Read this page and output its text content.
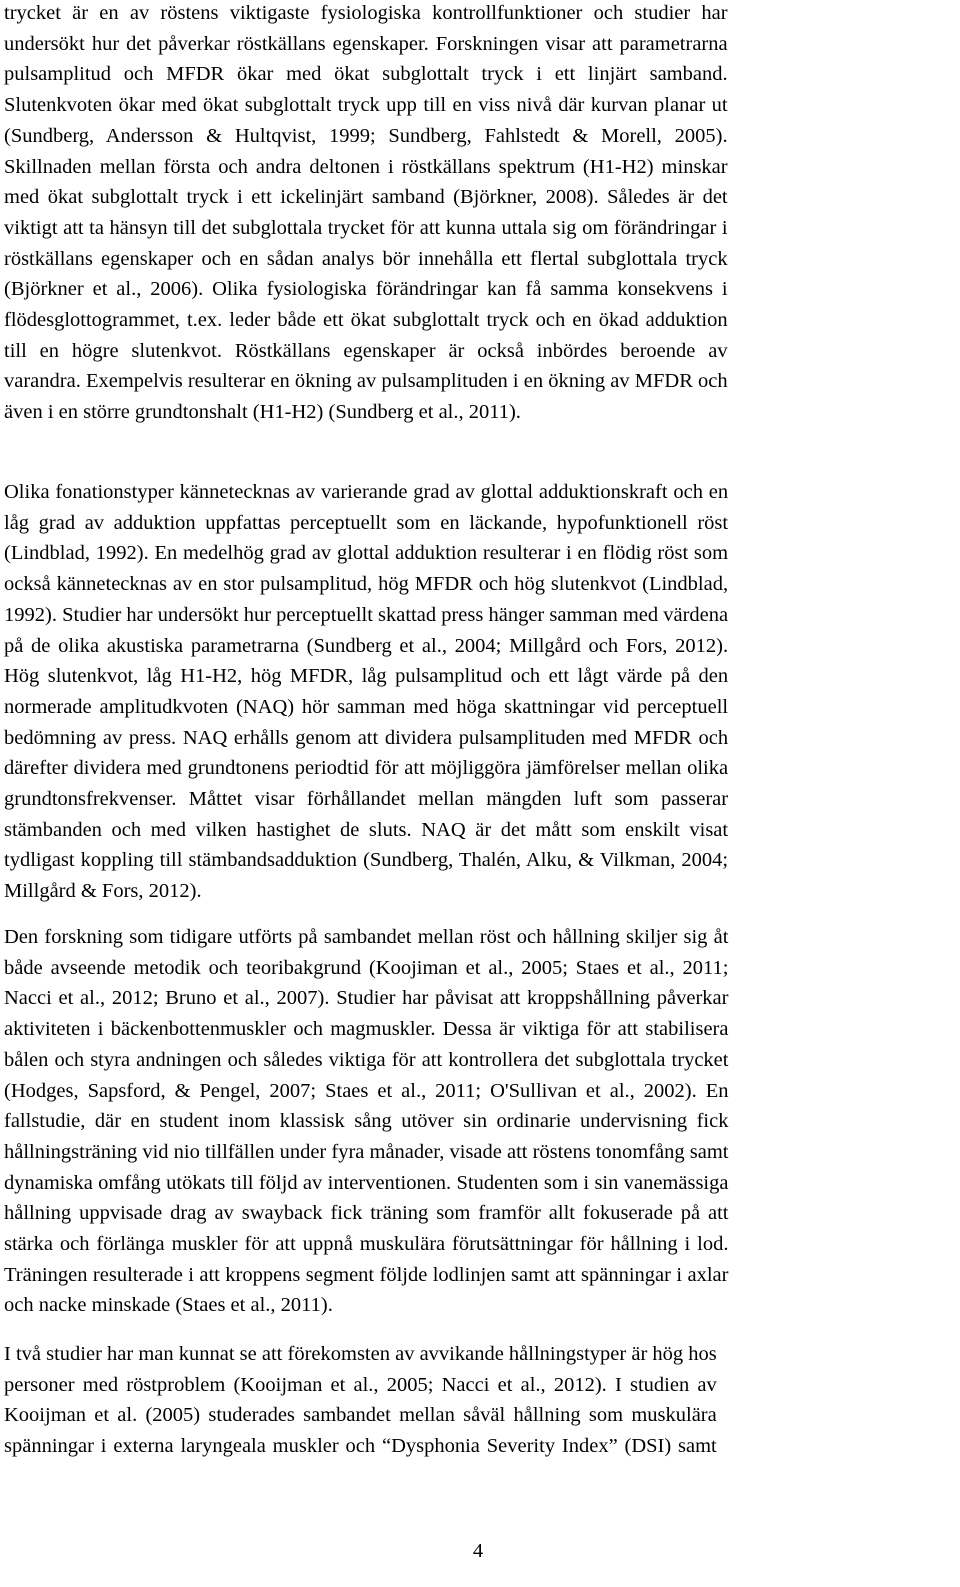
trycket är en av röstens viktigaste fysiologiska kontrollfunktioner och studier har
undersökt hur det påverkar röstkällans egenskaper. Forskningen visar att parametrarna
pulsamplitud och MFDR ökar med ökat subglottalt tryck i ett linjärt samband.
Slutenkvoten ökar med ökat subglottalt tryck upp till en viss nivå där kurvan planar ut
(Sundberg, Andersson & Hultqvist, 1999; Sundberg, Fahlstedt & Morell, 2005).
Skillnaden mellan första och andra deltonen i röstkällans spektrum (H1-H2) minskar
med ökat subglottalt tryck i ett ickelinjärt samband (Björkner, 2008). Således är det
viktigt att ta hänsyn till det subglottala trycket för att kunna uttala sig om förändringar i
röstkällans egenskaper och en sådan analys bör innehålla ett flertal subglottala tryck
(Björkner et al., 2006). Olika fysiologiska förändringar kan få samma konsekvens i
flödesglottogrammet, t.ex. leder både ett ökat subglottalt tryck och en ökad adduktion
till en högre slutenkvot. Röstkällans egenskaper är också inbördes beroende av
varandra. Exempelvis resulterar en ökning av pulsamplituden i en ökning av MFDR och
även i en större grundtonshalt (H1-H2) (Sundberg et al., 2011).

Olika fonationstyper kännetecknas av varierande grad av glottal adduktionskraft och en
låg grad av adduktion uppfattas perceptuellt som en läckande, hypofunktionell röst
(Lindblad, 1992). En medelhög grad av glottal adduktion resulterar i en flödig röst som
också kännetecknas av en stor pulsamplitud, hög MFDR och hög slutenkvot (Lindblad,
1992). Studier har undersökt hur perceptuellt skattad press hänger samman med värdena
på de olika akustiska parametrarna (Sundberg et al., 2004; Millgård och Fors, 2012).
Hög slutenkvot, låg H1-H2, hög MFDR, låg pulsamplitud och ett lågt värde på den
normerade amplitudkvoten (NAQ) hör samman med höga skattningar vid perceptuell
bedömning av press. NAQ erhålls genom att dividera pulsamplituden med MFDR och
därefter dividera med grundtonens periodtid för att möjliggöra jämförelser mellan olika
grundtonsfrekvenser. Måttet visar förhållandet mellan mängden luft som passerar
stämbanden och med vilken hastighet de sluts. NAQ är det mått som enskilt visat
tydligast koppling till stämbandsadduktion (Sundberg, Thalén, Alku, & Vilkman, 2004;
Millgård & Fors, 2012).

Den forskning som tidigare utförts på sambandet mellan röst och hållning skiljer sig åt
både avseende metodik och teoribakgrund (Koojiman et al., 2005; Staes et al., 2011;
Nacci et al., 2012; Bruno et al., 2007). Studier har påvisat att kroppshållning påverkar
aktiviteten i bäckenbottenmuskler och magmuskler. Dessa är viktiga för att stabilisera
bålen och styra andningen och således viktiga för att kontrollera det subglottala trycket
(Hodges, Sapsford, & Pengel, 2007; Staes et al., 2011; O'Sullivan et al., 2002). En
fallstudie, där en student inom klassisk sång utöver sin ordinarie undervisning fick
hållningsträning vid nio tillfällen under fyra månader, visade att röstens tonomfång samt
dynamiska omfång utökats till följd av interventionen. Studenten som i sin vanemässiga
hållning uppvisade drag av swayback fick träning som framför allt fokuserade på att
stärka och förlänga muskler för att uppnå muskulära förutsättningar för hållning i lod.
Träningen resulterade i att kroppens segment följde lodlinjen samt att spänningar i axlar
och nacke minskade (Staes et al., 2011).

I två studier har man kunnat se att förekomsten av avvikande hållningstyper är hög hos
personer med röstproblem (Kooijman et al., 2005; Nacci et al., 2012). I studien av
Kooijman et al. (2005) studerades sambandet mellan såväl hållning som muskulära
spänningar i externa laryngeala muskler och “Dysphonia Severity Index” (DSI) samt

4
